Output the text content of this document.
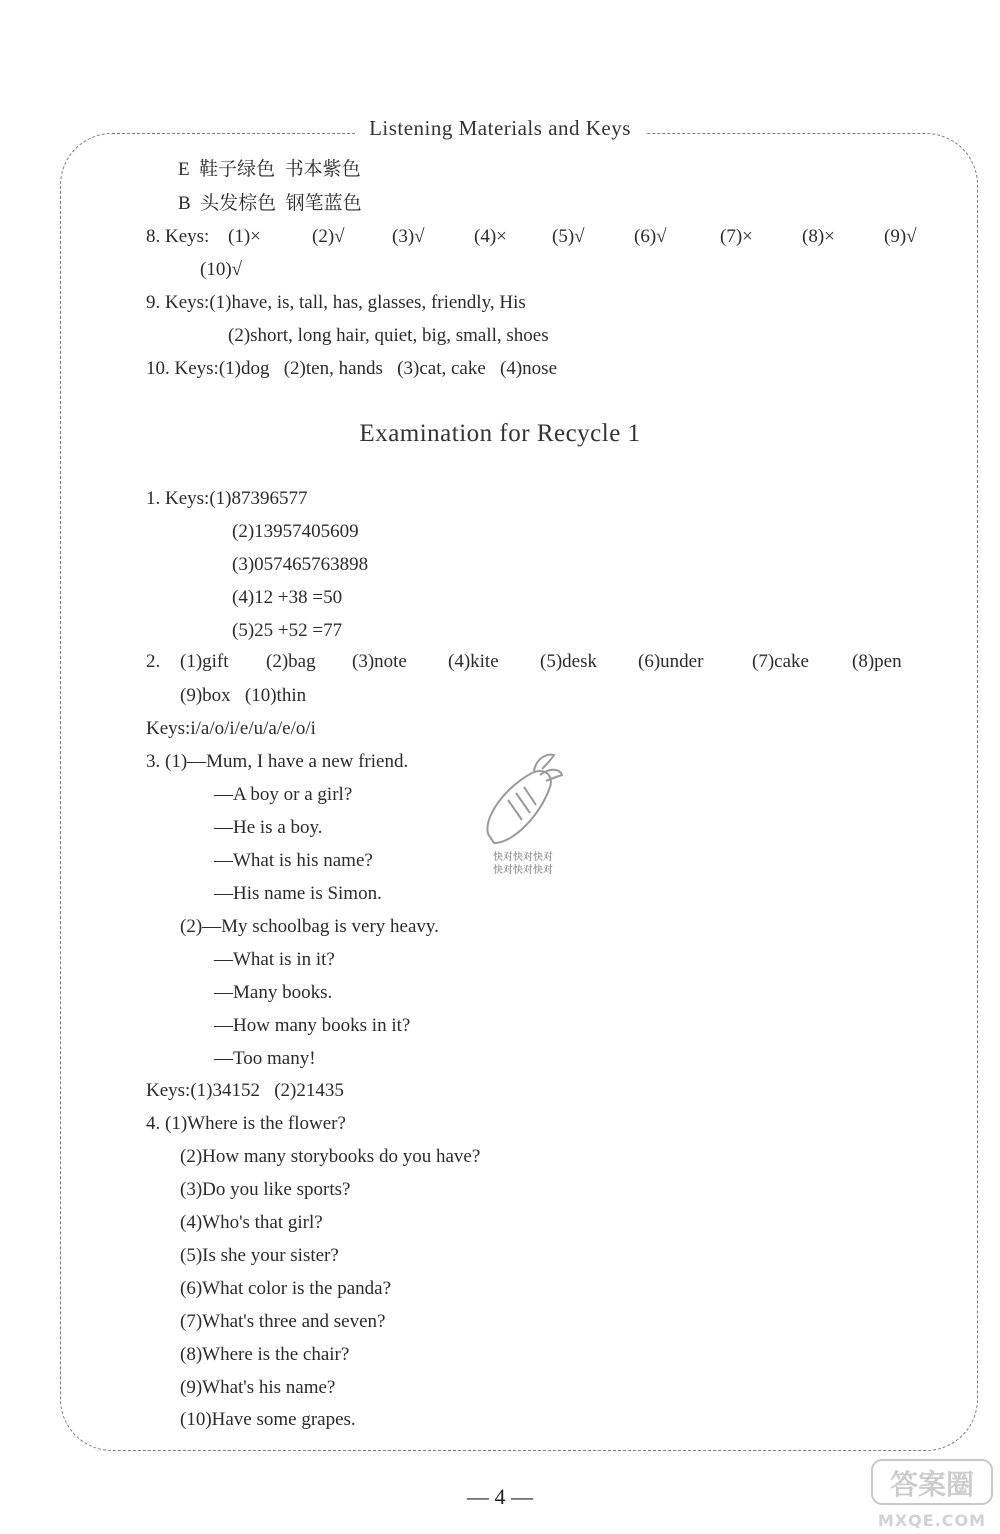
Listening Materials and Keys
E  鞋子绿色  书本紫色
B  头发棕色  钢笔蓝色
8. Keys: (1)×	(2)√ (3)√	(4)× (5)√	(6)√	(7)×	(8)×	(9)√
(10)√
9. Keys:(1)have, is, tall, has, glasses, friendly, His
(2)short, long hair, quiet, big, small, shoes
10. Keys:(1)dog   (2)ten, hands   (3)cat, cake   (4)nose
Examination for Recycle 1
1. Keys:(1)87396577
(2)13957405609
(3)057465763898
(4)12 +38 =50
(5)25 +52 =77
2. (1)gift (2)bag (3)note (4)kite (5)desk (6)under	(7)cake (8)pen
(9)box   (10)thin
Keys:i/a/o/i/e/u/a/e/o/i
3. (1)—Mum, I have a new friend.
—A boy or a girl?
—He is a boy.
—What is his name?
—His name is Simon.
(2)—My schoolbag is very heavy.
—What is in it?
—Many books.
—How many books in it?
—Too many!
Keys:(1)34152   (2)21435
4. (1)Where is the flower?
(2)How many storybooks do you have?
(3)Do you like sports?
(4)Who's that girl?
(5)Is she your sister?
(6)What color is the panda?
(7)What's three and seven?
(8)Where is the chair?
(9)What's his name?
(10)Have some grapes.
快对快对快对
快对快对快对
— 4 —	答案圈
MXQE.COM
